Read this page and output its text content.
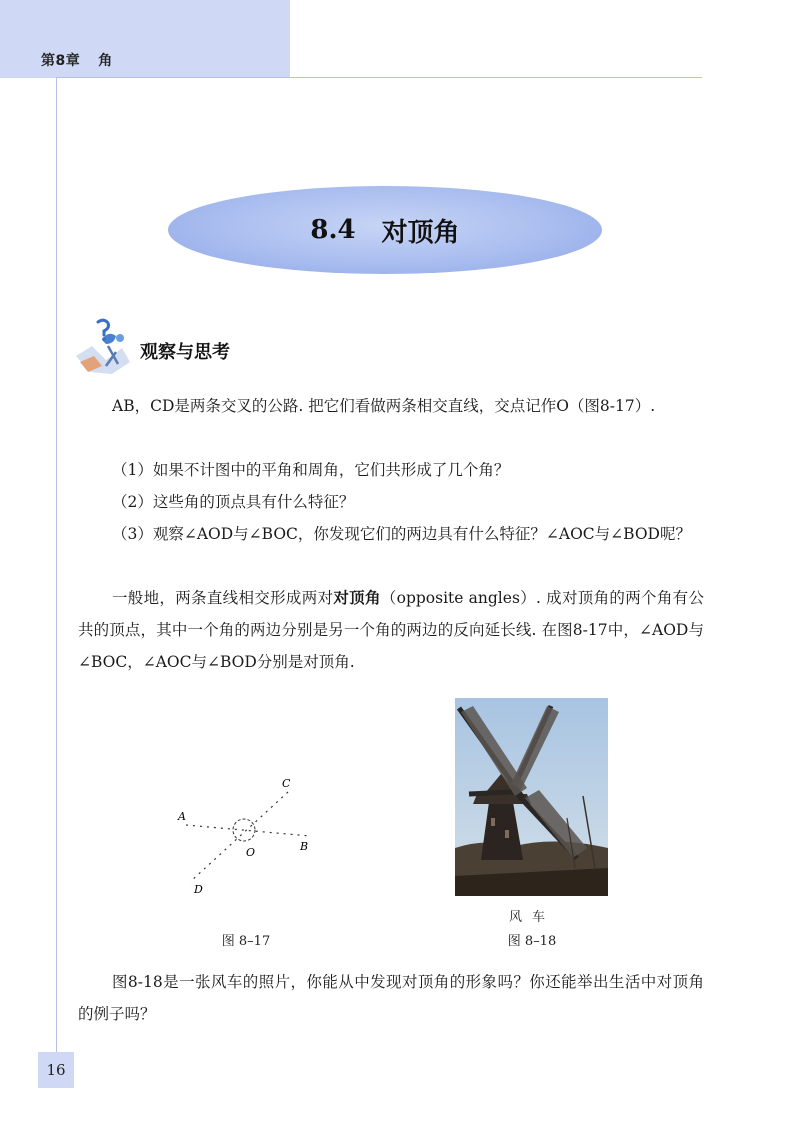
第8章 角
8.4 对顶角
观察与思考
AB，CD是两条交叉的公路. 把它们看做两条相交直线，交点记作O（图8-17）.
（1）如果不计图中的平角和周角，它们共形成了几个角？
（2）这些角的顶点具有什么特征？
（3）观察∠AOD与∠BOC，你发现它们的两边具有什么特征？∠AOC与∠BOD呢？
一般地，两条直线相交形成两对对顶角（opposite angles）. 成对顶角的两个角有公共的顶点，其中一个角的两边分别是另一个角的两边的反向延长线. 在图8-17中，∠AOD与∠BOC，∠AOC与∠BOD分别是对顶角.
A
B
C
D
O
图 8–17
风车
图 8–18
图8-18是一张风车的照片，你能从中发现对顶角的形象吗？你还能举出生活中对顶角的例子吗？
16
